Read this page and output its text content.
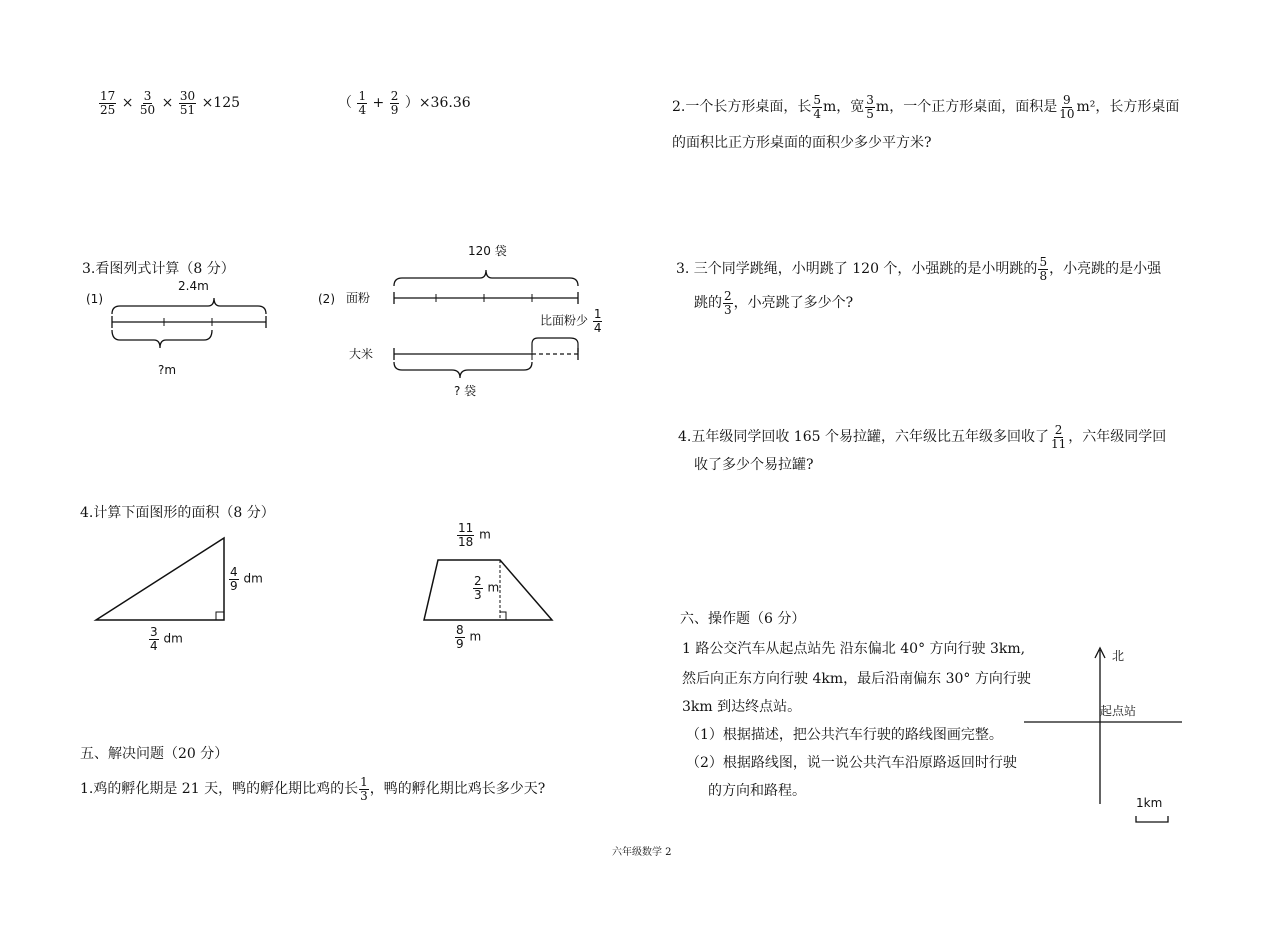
$\frac{17}{25} \times \frac{3}{50} \times \frac{30}{51} \times 125$	（ $\frac{1}{4} + \frac{2}{9} )\times 36.36$
3.看图列式计算（8 分）
(1)
2.4m
?m
(2)
120 袋
面粉
大米
比面粉少 $\frac{1}{4}$
? 袋
4.计算下面图形的面积（8 分）
$\frac{4}{9}$ dm
$\frac{3}{4}$ dm
$\frac{11}{18}$ m
$\frac{2}{3}$ m
$\frac{8}{9}$ m
五、解决问题（20 分）
1.鸡的孵化期是 21 天，鸭的孵化期比鸡的长 $\frac{1}{3}$ ，鸭的孵化期比鸡长多少天?
2.一个长方形桌面，长 $\frac{5}{4}$ m，宽 $\frac{3}{5}$ m，一个正方形桌面，面积是 $\frac{9}{10} m^2$，长方形桌面
的面积比正方形桌面的面积少多少平方米?
3. 三个同学跳绳，小明跳了 120 个，小强跳的是小明跳的 $\frac{5}{8}$ ，小亮跳的是小强
跳的 $\frac{2}{3}$ ，小亮跳了多少个?
4.五年级同学回收 165 个易拉罐，六年级比五年级多回收了 $\frac{2}{11}$ ，六年级同学回
收了多少个易拉罐?
六、操作题（6 分）
1 路公交汽车从起点站先 沿东偏北 40° 方向行驶 3km,
然后向正东方向行驶 4km，最后沿南偏东 30° 方向行驶
3km 到达终点站。
（1）根据描述，把公共汽车行驶的路线图画完整。
（2）根据路线图，说一说公共汽车沿原路返回时行驶
的方向和路程。
北
起点站
1km
六年级数学 2
